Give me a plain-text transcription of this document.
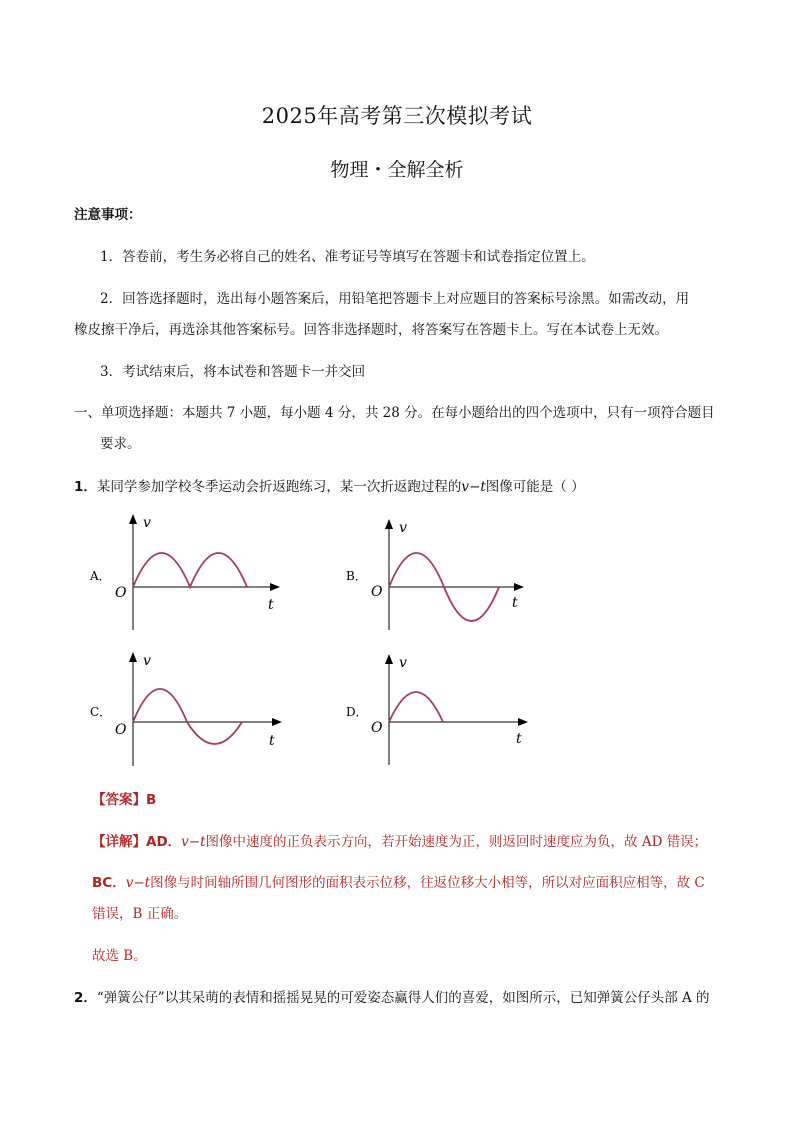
2025年高考第三次模拟考试
物理・全解全析
注意事项：
1．答卷前，考生务必将自己的姓名、准考证号等填写在答题卡和试卷指定位置上。
2．回答选择题时，选出每小题答案后，用铅笔把答题卡上对应题目的答案标号涂黑。如需改动，用
橡皮擦干净后，再选涂其他答案标号。回答非选择题时，将答案写在答题卡上。写在本试卷上无效。
3．考试结束后，将本试卷和答题卡一并交回
一、单项选择题：本题共 7 小题，每小题 4 分，共 28 分。在每小题给出的四个选项中，只有一项符合题目
要求。
1．某同学参加学校冬季运动会折返跑练习，某一次折返跑过程的v−t图像可能是（ ）
A．
v
t
O
B．
v
t
O
C．
v
t
O
D．
v
t
O
【答案】B
【详解】AD．v−t图像中速度的正负表示方向，若开始速度为正，则返回时速度应为负，故 AD 错误；
BC．v−t图像与时间轴所围几何图形的面积表示位移，往返位移大小相等，所以对应面积应相等，故 C
错误，B 正确。
故选 B。
2．“弹簧公仔”以其呆萌的表情和摇摇晃晃的可爱姿态赢得人们的喜爱，如图所示，已知弹簧公仔头部 A 的
